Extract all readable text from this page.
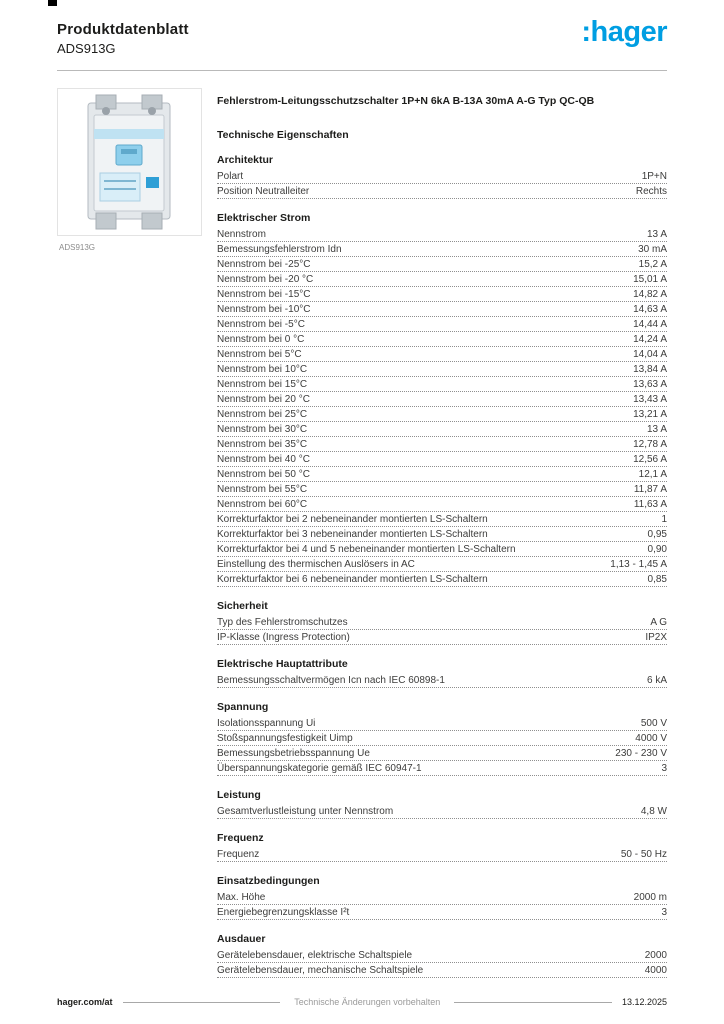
Produktdatenblatt
ADS913G
:hager
ADS913G
Fehlerstrom-Leitungsschutzschalter 1P+N 6kA B-13A 30mA A-G Typ QC-QB
Technische Eigenschaften
Architektur
Polart	1P+N
Position Neutralleiter	Rechts
Elektrischer Strom
Nennstrom	13 A
Bemessungsfehlerstrom Idn	30 mA
Nennstrom bei -25°C	15,2 A
Nennstrom bei -20 °C	15,01 A
Nennstrom bei -15°C	14,82 A
Nennstrom bei -10°C	14,63 A
Nennstrom bei -5°C	14,44 A
Nennstrom bei 0 °C	14,24 A
Nennstrom bei 5°C	14,04 A
Nennstrom bei 10°C	13,84 A
Nennstrom bei 15°C	13,63 A
Nennstrom bei 20 °C	13,43 A
Nennstrom bei 25°C	13,21 A
Nennstrom bei 30°C	13 A
Nennstrom bei 35°C	12,78 A
Nennstrom bei 40 °C	12,56 A
Nennstrom bei 50 °C	12,1 A
Nennstrom bei 55°C	11,87 A
Nennstrom bei 60°C	11,63 A
Korrekturfaktor bei 2 nebeneinander montierten LS-Schaltern	1
Korrekturfaktor bei 3 nebeneinander montierten LS-Schaltern	0,95
Korrekturfaktor bei 4 und 5 nebeneinander montierten LS-Schaltern	0,90
Einstellung des thermischen Auslösers in AC	1,13 - 1,45 A
Korrekturfaktor bei 6 nebeneinander montierten LS-Schaltern	0,85
Sicherheit
Typ des Fehlerstromschutzes	A G
IP-Klasse (Ingress Protection)	IP2X
Elektrische Hauptattribute
Bemessungsschaltvermögen Icn nach IEC 60898-1	6 kA
Spannung
Isolationsspannung Ui	500 V
Stoßspannungsfestigkeit Uimp	4000 V
Bemessungsbetriebsspannung Ue	230 - 230 V
Überspannungskategorie gemäß IEC 60947-1	3
Leistung
Gesamtverlustleistung unter Nennstrom	4,8 W
Frequenz
Frequenz	50 - 50 Hz
Einsatzbedingungen
Max. Höhe	2000 m
Energiebegrenzungsklasse I²t	3
Ausdauer
Gerätelebensdauer, elektrische Schaltspiele	2000
Gerätelebensdauer, mechanische Schaltspiele	4000
hager.com/at	Technische Änderungen vorbehalten	13.12.2025
